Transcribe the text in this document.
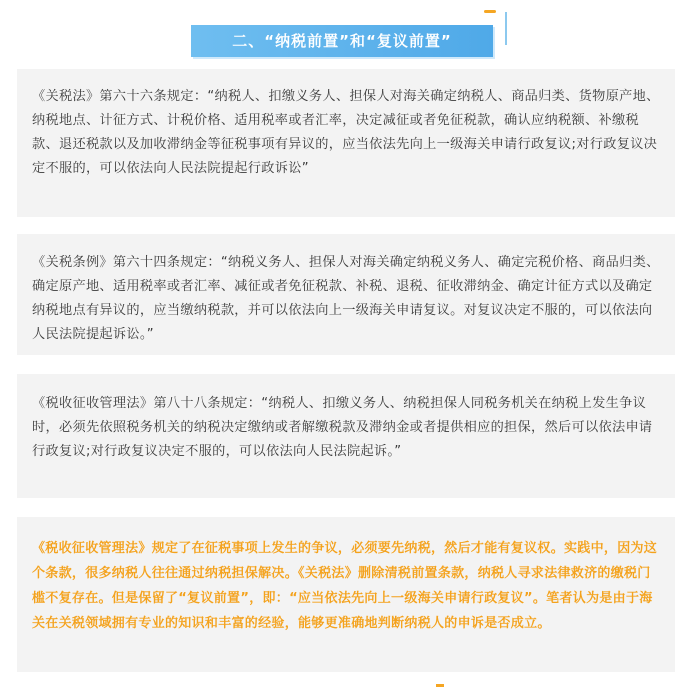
二、“纳税前置”和“复议前置”

《关税法》第六十六条规定：“纳税人、扣缴义务人、担保人对海关确定纳税人、商品归类、货物原产地、纳税地点、计征方式、计税价格、适用税率或者汇率，决定减征或者免征税款，确认应纳税额、补缴税款、退还税款以及加收滞纳金等征税事项有异议的，应当依法先向上一级海关申请行政复议;对行政复议决定不服的，可以依法向人民法院提起行政诉讼”

《关税条例》第六十四条规定：“纳税义务人、担保人对海关确定纳税义务人、确定完税价格、商品归类、确定原产地、适用税率或者汇率、减征或者免征税款、补税、退税、征收滞纳金、确定计征方式以及确定纳税地点有异议的，应当缴纳税款，并可以依法向上一级海关申请复议。对复议决定不服的，可以依法向人民法院提起诉讼。”

《税收征收管理法》第八十八条规定：“纳税人、扣缴义务人、纳税担保人同税务机关在纳税上发生争议时，必须先依照税务机关的纳税决定缴纳或者解缴税款及滞纳金或者提供相应的担保，然后可以依法申请行政复议;对行政复议决定不服的，可以依法向人民法院起诉。”

《税收征收管理法》规定了在征税事项上发生的争议，必须要先纳税，然后才能有复议权。实践中，因为这个条款，很多纳税人往往通过纳税担保解决。《关税法》删除清税前置条款，纳税人寻求法律救济的缴税门槛不复存在。但是保留了“复议前置”，即：“应当依法先向上一级海关申请行政复议”。笔者认为是由于海关在关税领域拥有专业的知识和丰富的经验，能够更准确地判断纳税人的申诉是否成立。
